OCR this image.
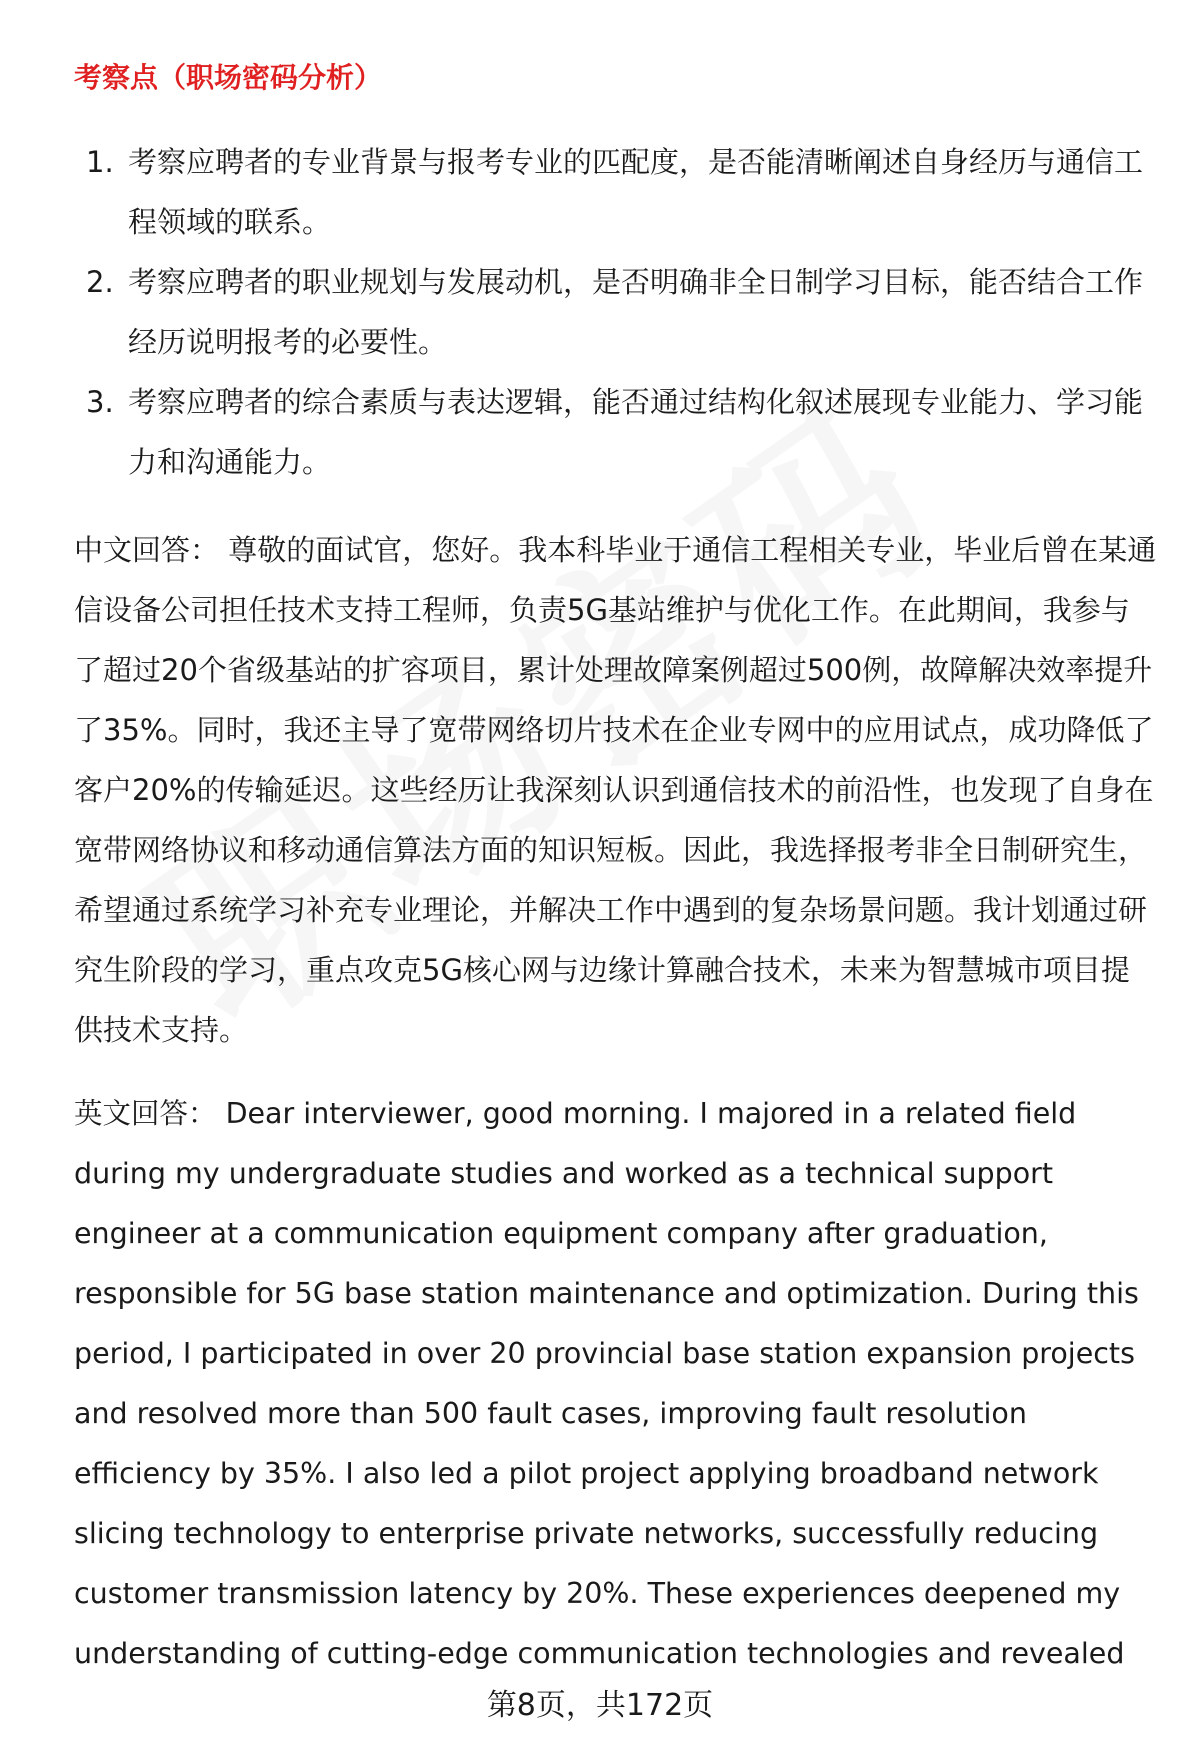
考察点（职场密码分析）
1. 考察应聘者的专业背景与报考专业的匹配度，是否能清晰阐述自身经历与通信工程领域的联系。
2. 考察应聘者的职业规划与发展动机，是否明确非全日制学习目标，能否结合工作经历说明报考的必要性。
3. 考察应聘者的综合素质与表达逻辑，能否通过结构化叙述展现专业能力、学习能力和沟通能力。

中文回答： 尊敬的面试官，您好。我本科毕业于通信工程相关专业，毕业后曾在某通信设备公司担任技术支持工程师，负责5G基站维护与优化工作。在此期间，我参与了超过20个省级基站的扩容项目，累计处理故障案例超过500例，故障解决效率提升了35%。同时，我还主导了宽带网络切片技术在企业专网中的应用试点，成功降低了客户20%的传输延迟。这些经历让我深刻认识到通信技术的前沿性，也发现了自身在宽带网络协议和移动通信算法方面的知识短板。因此，我选择报考非全日制研究生，希望通过系统学习补充专业理论，并解决工作中遇到的复杂场景问题。我计划通过研究生阶段的学习，重点攻克5G核心网与边缘计算融合技术，未来为智慧城市项目提供技术支持。

英文回答： Dear interviewer, good morning. I majored in a related field during my undergraduate studies and worked as a technical support engineer at a communication equipment company after graduation, responsible for 5G base station maintenance and optimization. During this period, I participated in over 20 provincial base station expansion projects and resolved more than 500 fault cases, improving fault resolution efficiency by 35%. I also led a pilot project applying broadband network slicing technology to enterprise private networks, successfully reducing customer transmission latency by 20%. These experiences deepened my understanding of cutting-edge communication technologies and revealed

第8页，共172页
